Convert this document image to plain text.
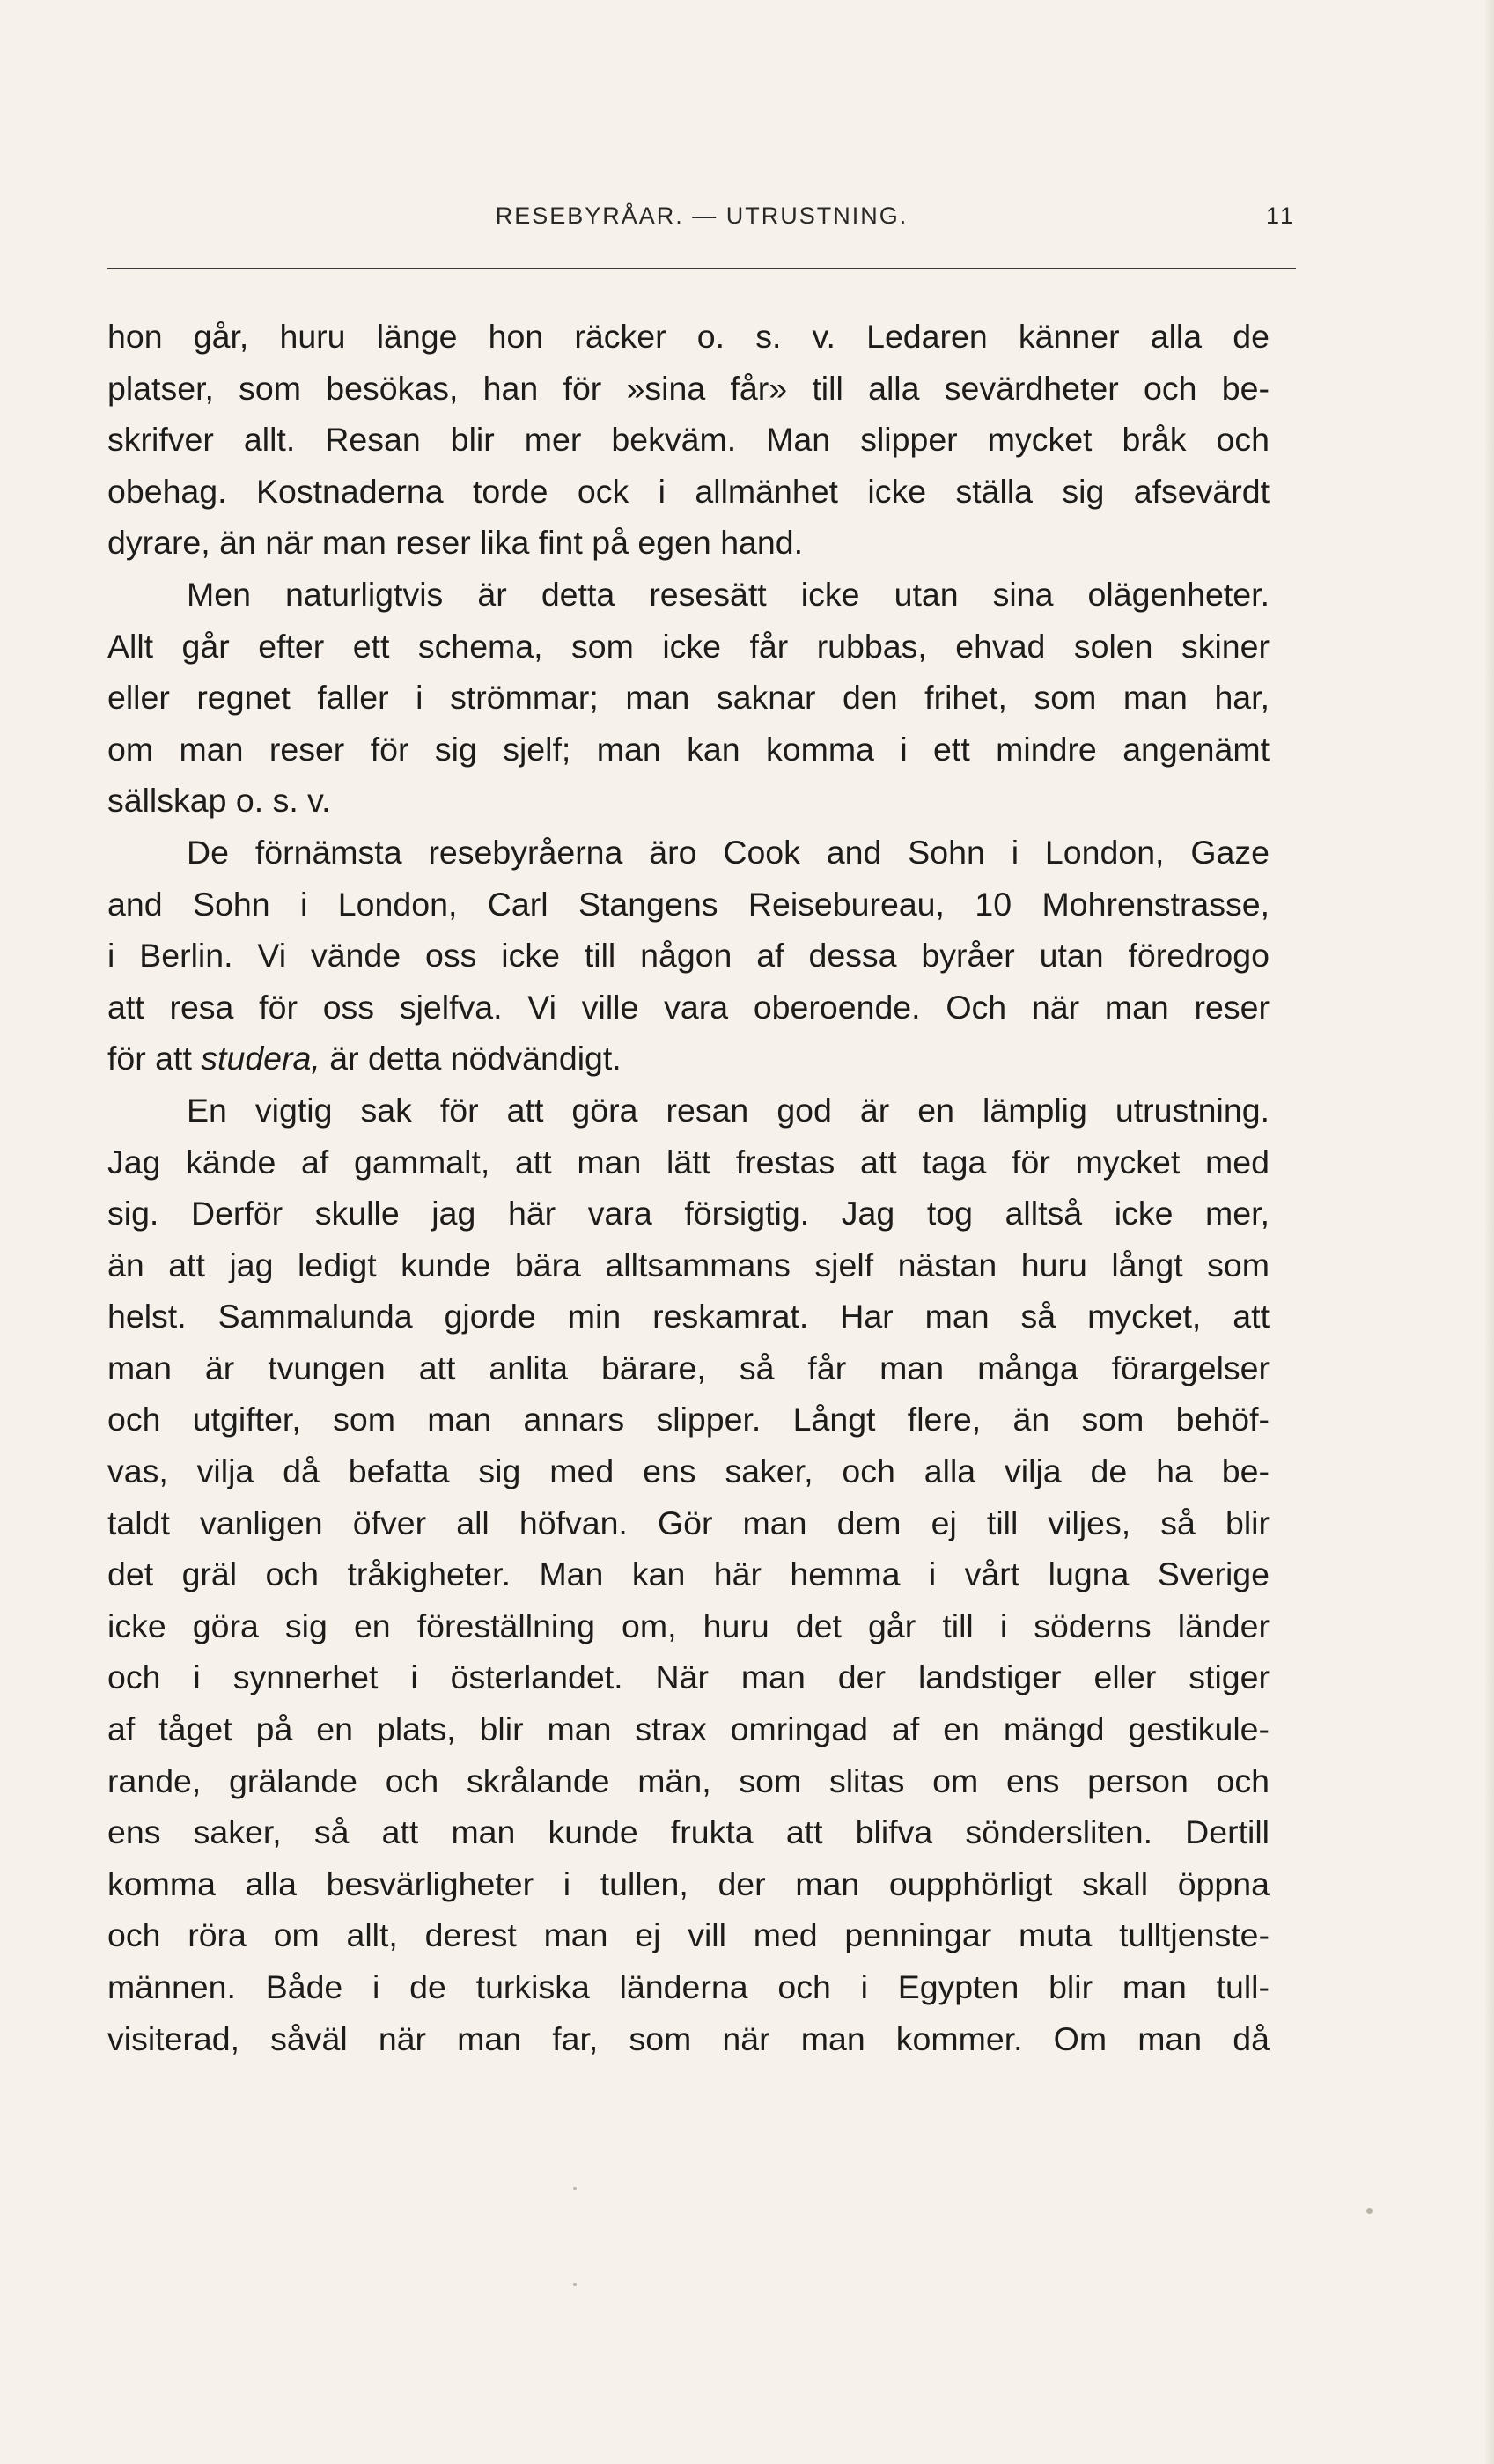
RESEBYRÅAR. — UTRUSTNING.	11
hon går, huru länge hon räcker o. s. v. Ledaren känner alla de
platser, som besökas, han för »sina får» till alla sevärdheter och be-
skrifver allt. Resan blir mer bekväm. Man slipper mycket bråk och
obehag. Kostnaderna torde ock i allmänhet icke ställa sig afsevärdt
dyrare, än när man reser lika fint på egen hand.
Men naturligtvis är detta resesätt icke utan sina olägenheter.
Allt går efter ett schema, som icke får rubbas, ehvad solen skiner
eller regnet faller i strömmar; man saknar den frihet, som man har,
om man reser för sig sjelf; man kan komma i ett mindre angenämt
sällskap o. s. v.
De förnämsta resebyråerna äro Cook and Sohn i London, Gaze
and Sohn i London, Carl Stangens Reisebureau, 10 Mohrenstrasse,
i Berlin. Vi vände oss icke till någon af dessa byråer utan föredrogo
att resa för oss sjelfva. Vi ville vara oberoende. Och när man reser
för att studera, är detta nödvändigt.
En vigtig sak för att göra resan god är en lämplig utrustning.
Jag kände af gammalt, att man lätt frestas att taga för mycket med
sig. Derför skulle jag här vara försigtig. Jag tog alltså icke mer,
än att jag ledigt kunde bära alltsammans sjelf nästan huru långt som
helst. Sammalunda gjorde min reskamrat. Har man så mycket, att
man är tvungen att anlita bärare, så får man många förargelser
och utgifter, som man annars slipper. Långt flere, än som behöf-
vas, vilja då befatta sig med ens saker, och alla vilja de ha be-
taldt vanligen öfver all höfvan. Gör man dem ej till viljes, så blir
det gräl och tråkigheter. Man kan här hemma i vårt lugna Sverige
icke göra sig en föreställning om, huru det går till i söderns länder
och i synnerhet i österlandet. När man der landstiger eller stiger
af tåget på en plats, blir man strax omringad af en mängd gestikule-
rande, grälande och skrålande män, som slitas om ens person och
ens saker, så att man kunde frukta att blifva söndersliten. Dertill
komma alla besvärligheter i tullen, der man oupphörligt skall öppna
och röra om allt, derest man ej vill med penningar muta tulltjenste-
männen. Både i de turkiska länderna och i Egypten blir man tull-
visiterad, såväl när man far, som när man kommer. Om man då
